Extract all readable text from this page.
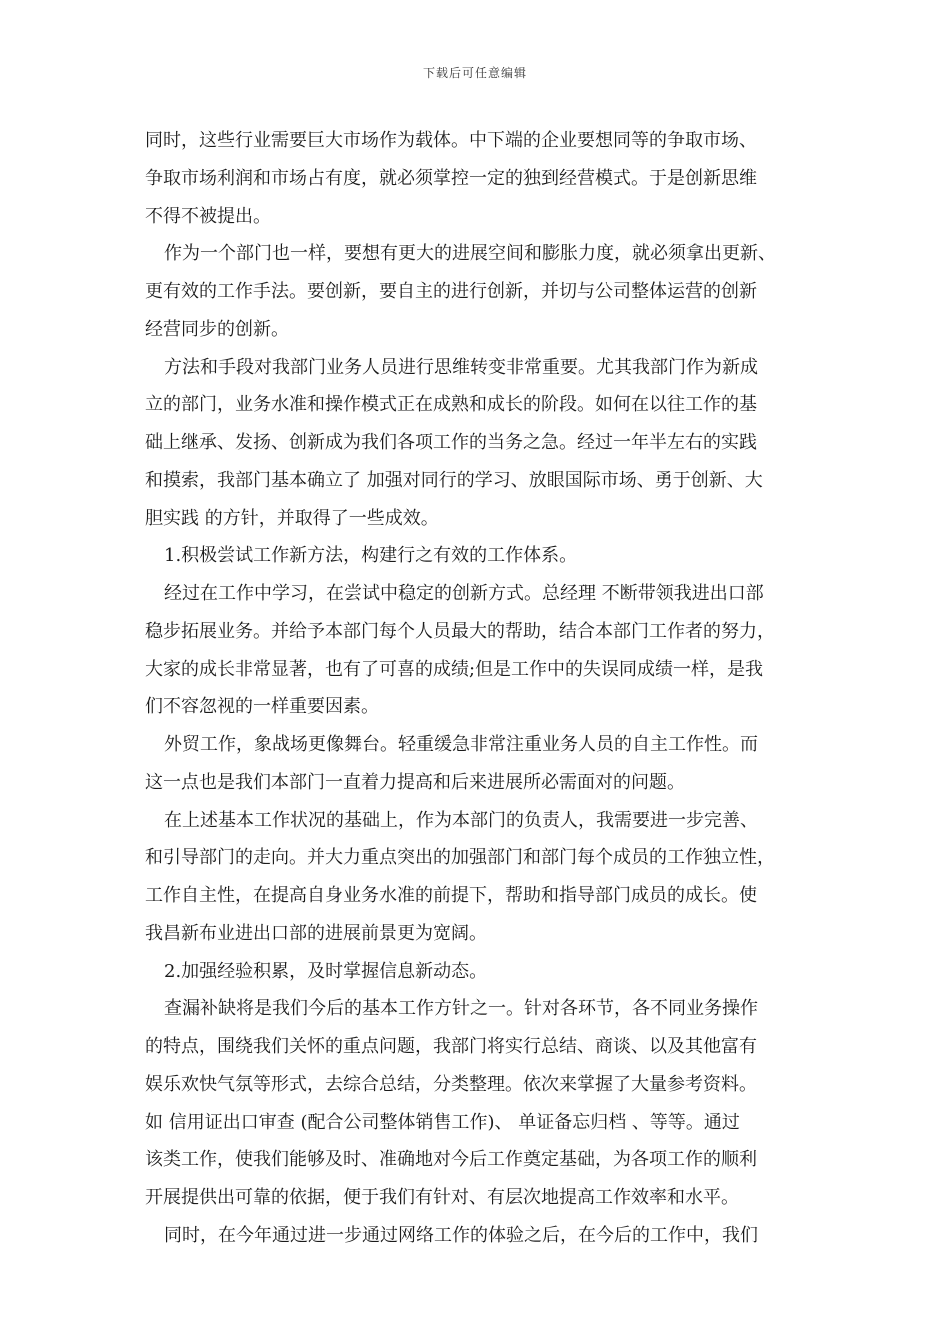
下载后可任意编辑
同时，这些行业需要巨大市场作为载体。中下端的企业要想同等的争取市场、
争取市场利润和市场占有度，就必须掌控一定的独到经营模式。于是创新思维
不得不被提出。
作为一个部门也一样，要想有更大的进展空间和膨胀力度，就必须拿出更新、
更有效的工作手法。要创新，要自主的进行创新，并切与公司整体运营的创新
经营同步的创新。
方法和手段对我部门业务人员进行思维转变非常重要。尤其我部门作为新成
立的部门，业务水准和操作模式正在成熟和成长的阶段。如何在以往工作的基
础上继承、发扬、创新成为我们各项工作的当务之急。经过一年半左右的实践
和摸索，我部门基本确立了 加强对同行的学习、放眼国际市场、勇于创新、大
胆实践 的方针，并取得了一些成效。
1.积极尝试工作新方法，构建行之有效的工作体系。
经过在工作中学习，在尝试中稳定的创新方式。总经理 不断带领我进出口部
稳步拓展业务。并给予本部门每个人员最大的帮助，结合本部门工作者的努力，
大家的成长非常显著，也有了可喜的成绩;但是工作中的失误同成绩一样，是我
们不容忽视的一样重要因素。
外贸工作，象战场更像舞台。轻重缓急非常注重业务人员的自主工作性。而
这一点也是我们本部门一直着力提高和后来进展所必需面对的问题。
在上述基本工作状况的基础上，作为本部门的负责人，我需要进一步完善、
和引导部门的走向。并大力重点突出的加强部门和部门每个成员的工作独立性，
工作自主性，在提高自身业务水准的前提下，帮助和指导部门成员的成长。使
我昌新布业进出口部的进展前景更为宽阔。
2.加强经验积累，及时掌握信息新动态。
查漏补缺将是我们今后的基本工作方针之一。针对各环节，各不同业务操作
的特点，围绕我们关怀的重点问题，我部门将实行总结、商谈、以及其他富有
娱乐欢快气氛等形式，去综合总结，分类整理。依次来掌握了大量参考资料。
如 信用证出口审查 (配合公司整体销售工作)、 单证备忘归档 、等等。通过
该类工作，使我们能够及时、准确地对今后工作奠定基础，为各项工作的顺利
开展提供出可靠的依据，便于我们有针对、有层次地提高工作效率和水平。
同时，在今年通过进一步通过网络工作的体验之后，在今后的工作中，我们
